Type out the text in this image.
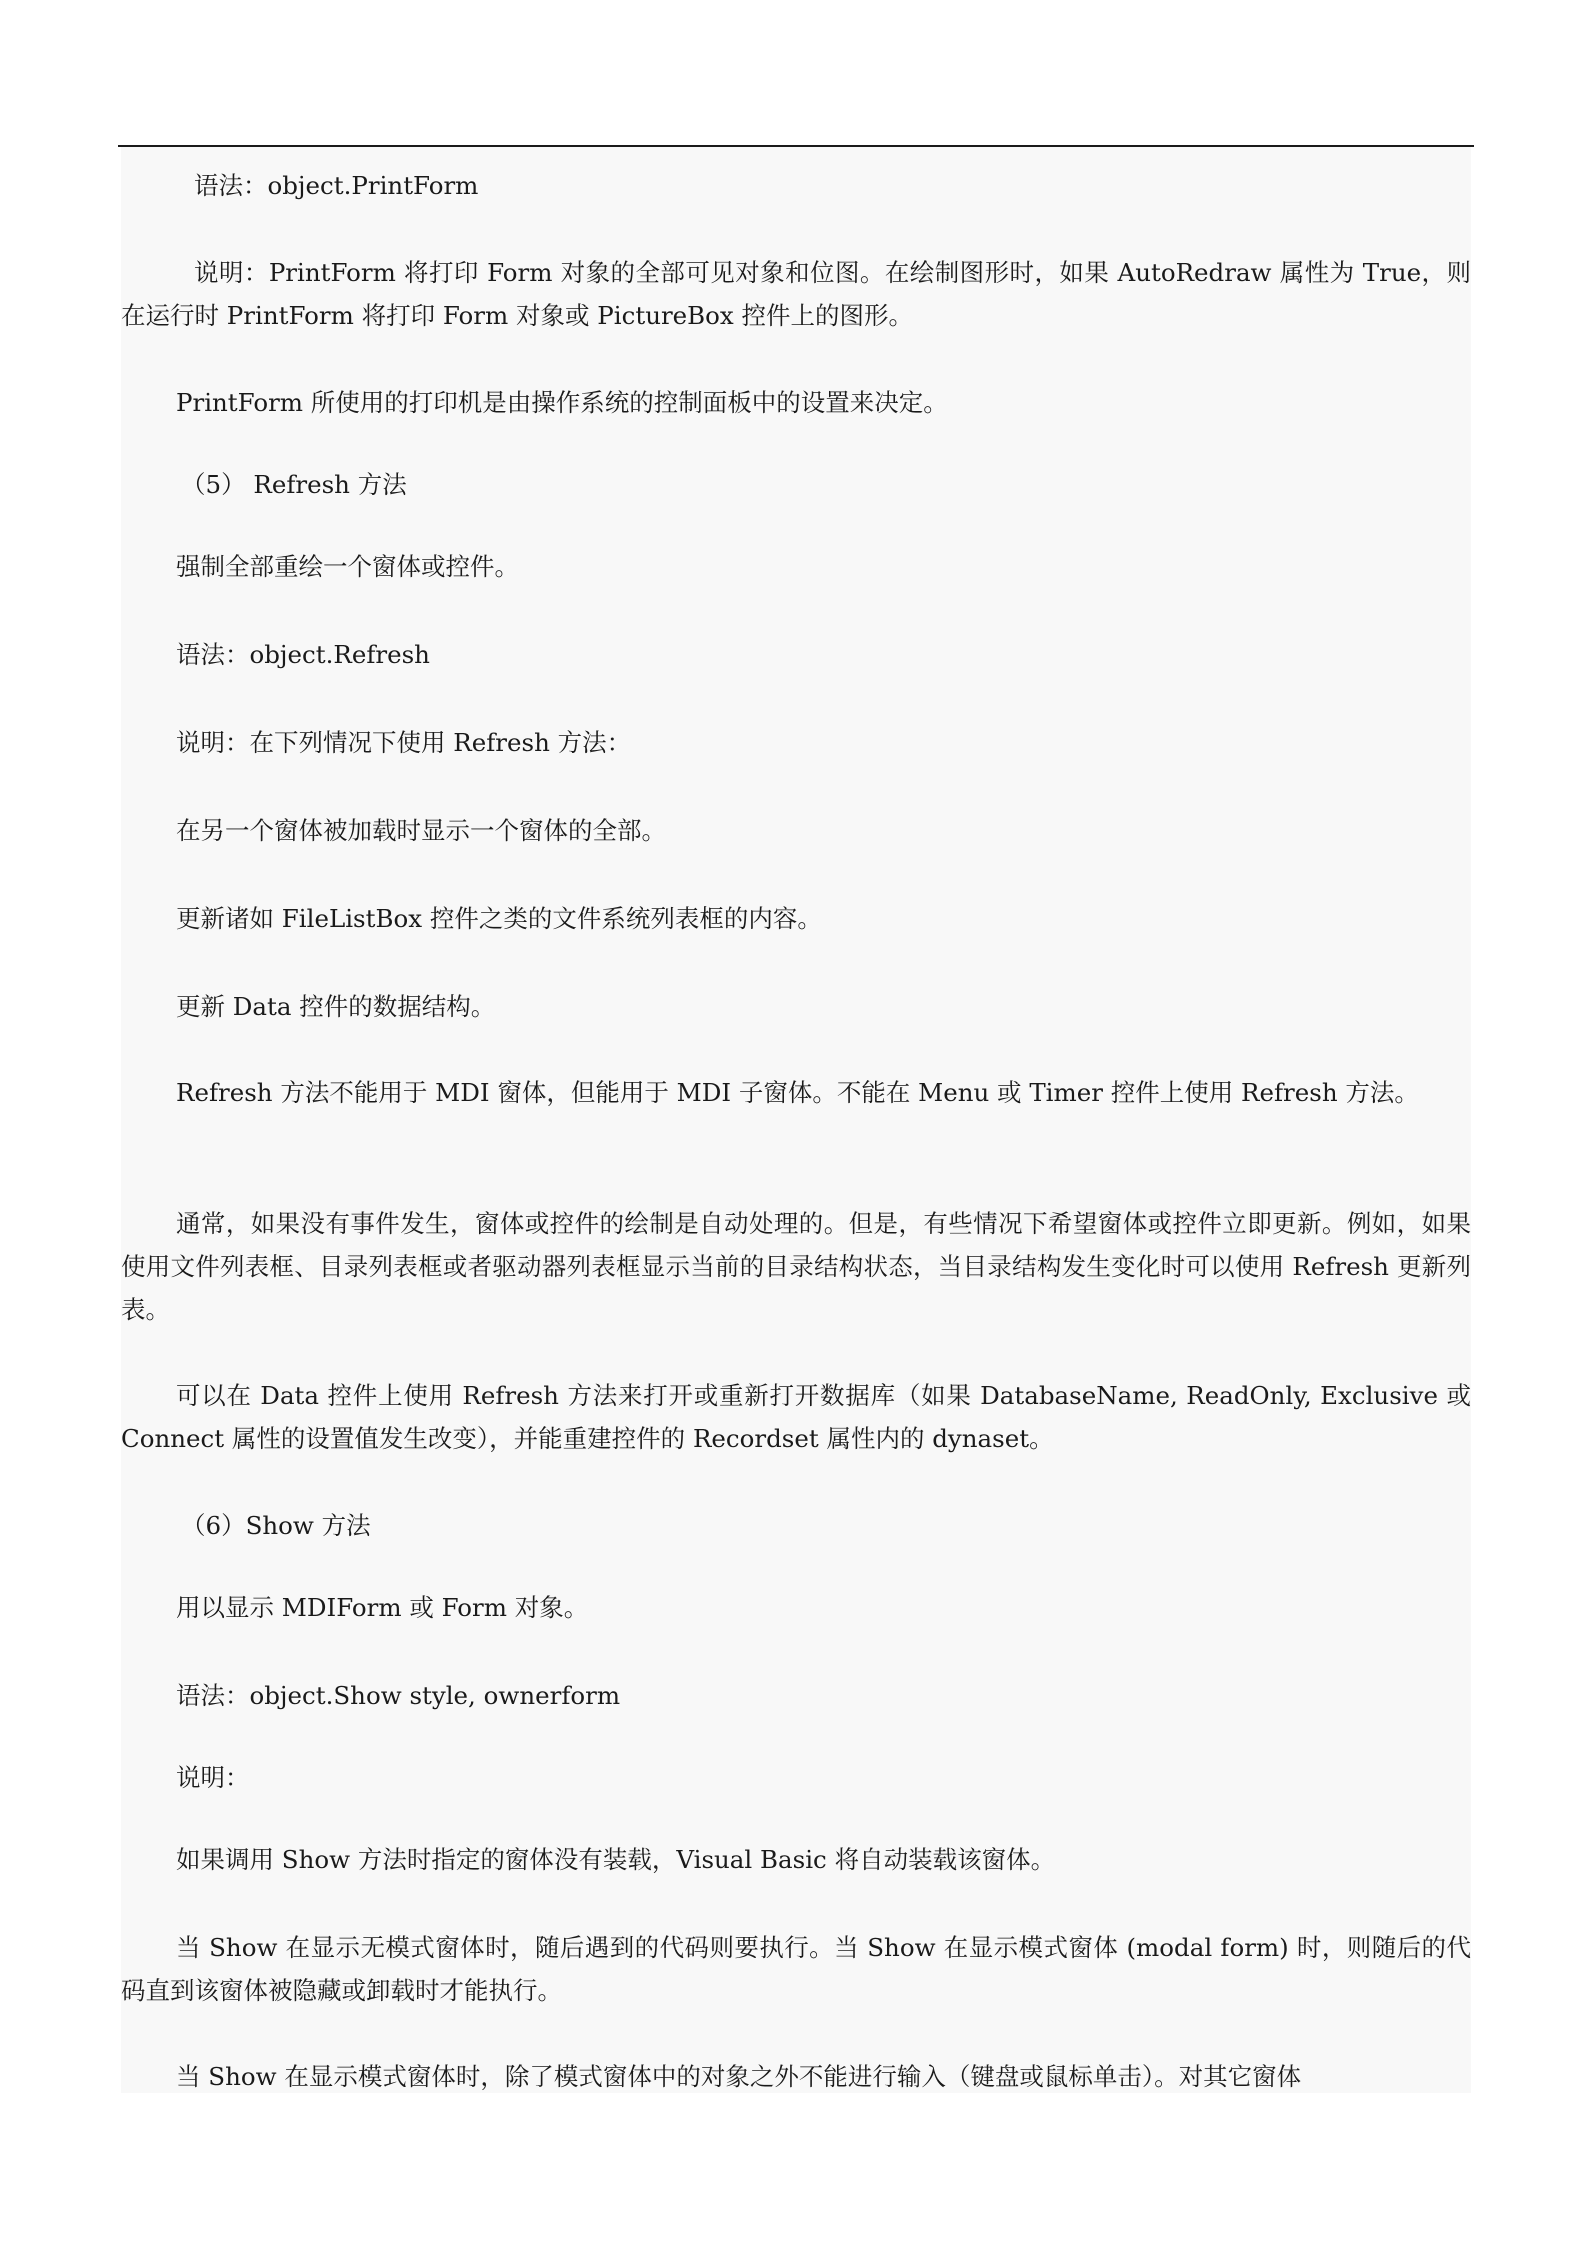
语法：object.PrintForm

说明：PrintForm 将打印 Form 对象的全部可见对象和位图。在绘制图形时，如果 AutoRedraw 属性为 True，则在运行时 PrintForm 将打印 Form 对象或 PictureBox 控件上的图形。

PrintForm 所使用的打印机是由操作系统的控制面板中的设置来决定。

（5） Refresh 方法

强制全部重绘一个窗体或控件。

语法：object.Refresh

说明：在下列情况下使用 Refresh 方法：

在另一个窗体被加载时显示一个窗体的全部。

更新诸如 FileListBox 控件之类的文件系统列表框的内容。

更新 Data 控件的数据结构。

Refresh 方法不能用于 MDI 窗体，但能用于 MDI 子窗体。不能在 Menu 或 Timer 控件上使用 Refresh 方法。

通常，如果没有事件发生，窗体或控件的绘制是自动处理的。但是，有些情况下希望窗体或控件立即更新。例如，如果使用文件列表框、目录列表框或者驱动器列表框显示当前的目录结构状态，当目录结构发生变化时可以使用 Refresh 更新列表。

可以在 Data 控件上使用 Refresh 方法来打开或重新打开数据库（如果 DatabaseName, ReadOnly, Exclusive 或 Connect 属性的设置值发生改变），并能重建控件的 Recordset 属性内的 dynaset。

（6）Show 方法

用以显示 MDIForm 或 Form 对象。

语法：object.Show style, ownerform

说明：

如果调用 Show 方法时指定的窗体没有装载，Visual Basic 将自动装载该窗体。

当 Show 在显示无模式窗体时，随后遇到的代码则要执行。当 Show 在显示模式窗体 (modal form) 时，则随后的代码直到该窗体被隐藏或卸载时才能执行。

当 Show 在显示模式窗体时，除了模式窗体中的对象之外不能进行输入（键盘或鼠标单击）。对其它窗体
